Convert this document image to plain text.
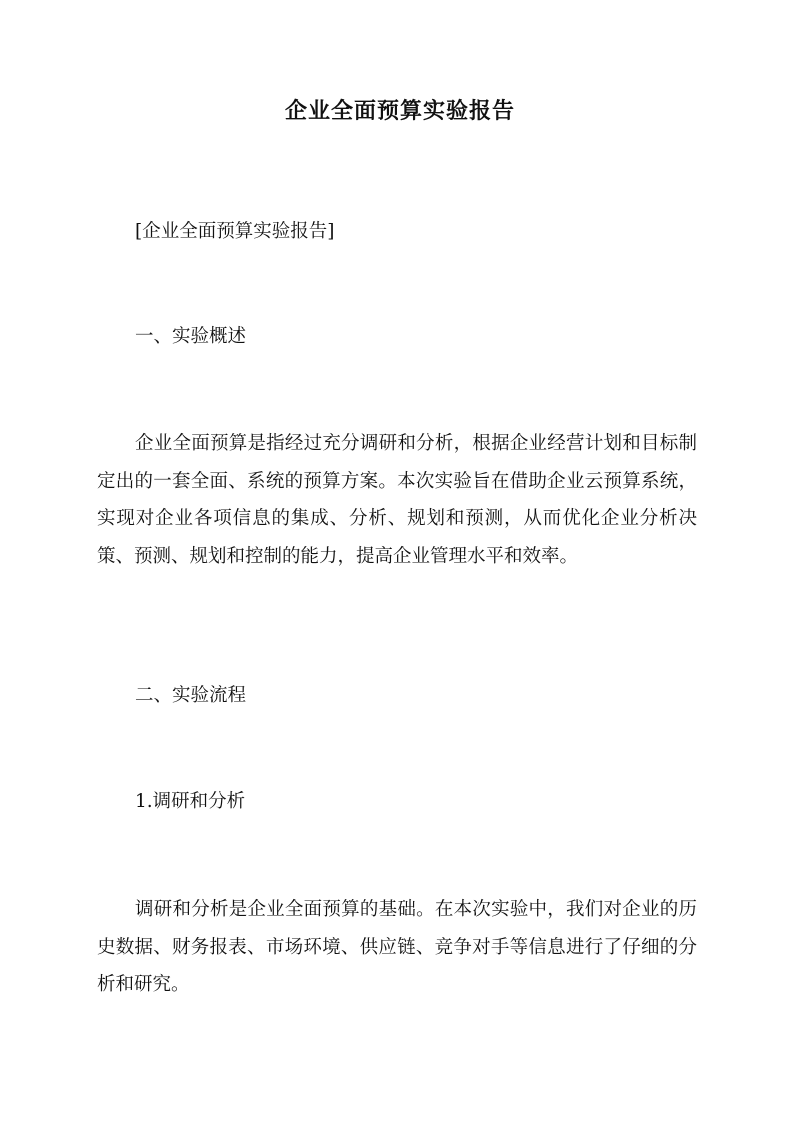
企业全面预算实验报告
[企业全面预算实验报告]
一、实验概述
企业全面预算是指经过充分调研和分析，根据企业经营计划和目标制定出的一套全面、系统的预算方案。本次实验旨在借助企业云预算系统，实现对企业各项信息的集成、分析、规划和预测，从而优化企业分析决策、预测、规划和控制的能力，提高企业管理水平和效率。
二、实验流程
1.调研和分析
调研和分析是企业全面预算的基础。在本次实验中，我们对企业的历史数据、财务报表、市场环境、供应链、竞争对手等信息进行了仔细的分析和研究。
